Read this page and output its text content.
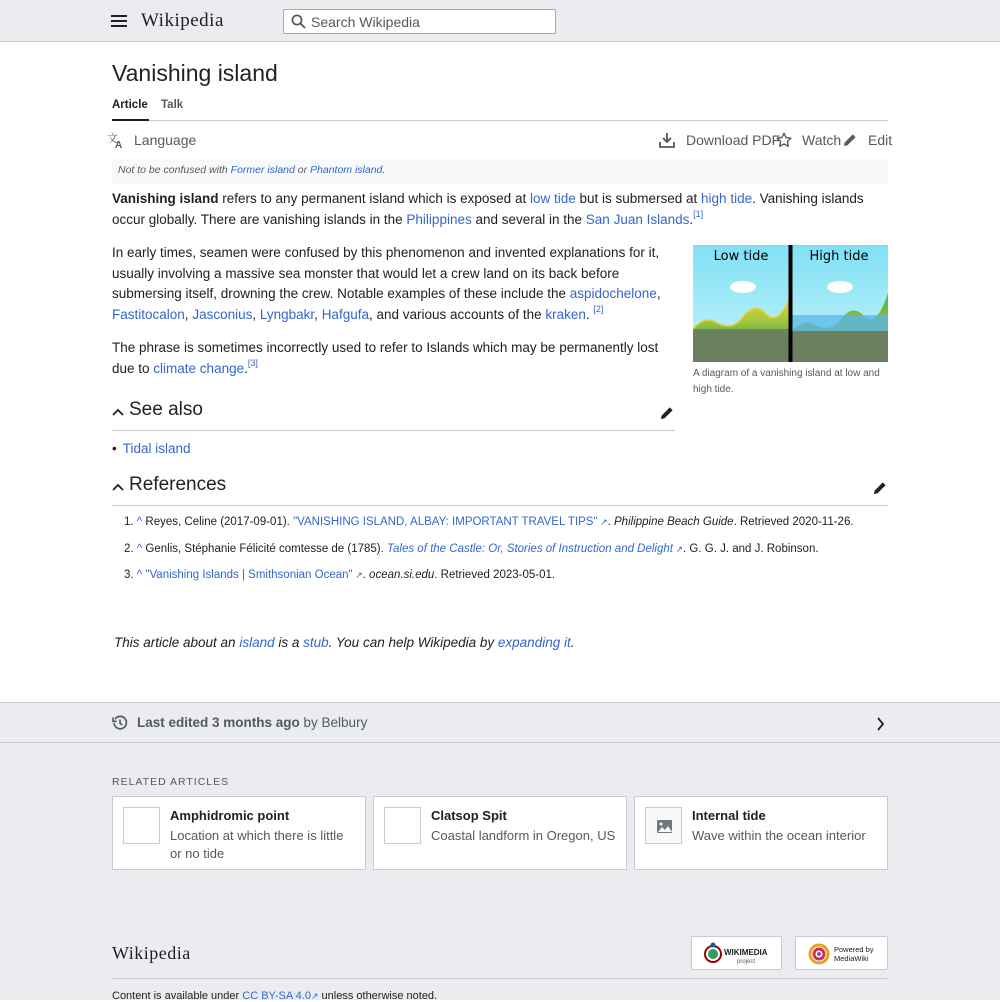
Wikipedia
Search Wikipedia
Vanishing island
Article Talk
文
A Language	Download PDF Watch Edit
Not to be confused with Former island or Phantom island.

Vanishing island refers to any permanent island which is exposed at low tide but is submersed at high tide. Vanishing islands occur globally. There are vanishing islands in the Philippines and several in the San Juan Islands.[1]

In early times, seamen were confused by this phenomenon and invented explanations for it, usually involving a massive sea monster that would let a crew land on its back before submersing itself, drowning the crew. Notable examples of these include the aspidochelone, Fastitocalon, Jasconius, Lyngbakr, Hafgufa, and various accounts of the kraken. [2]

The phrase is sometimes incorrectly used to refer to Islands which may be permanently lost due to climate change.[3]

Low tide	High tide
A diagram of a vanishing island at low and high tide.
See also
• Tidal island
References
1. ^ Reyes, Celine (2017-09-01). "VANISHING ISLAND, ALBAY: IMPORTANT TRAVEL TIPS" ↗. Philippine Beach Guide. Retrieved 2020-11-26.
2. ^ Genlis, Stéphanie Félicité comtesse de (1785). Tales of the Castle: Or, Stories of Instruction and Delight ↗. G. G. J. and J. Robinson.
3. ^ "Vanishing Islands | Smithsonian Ocean" ↗. ocean.si.edu. Retrieved 2023-05-01.
This article about an island is a stub. You can help Wikipedia by expanding it.
Last edited 3 months ago by Belbury
RELATED ARTICLES
Amphidromic point
Location at which there is little or no tide
Clatsop Spit
Coastal landform in Oregon, US
Internal tide
Wave within the ocean interior
Wikipedia	WIKIMEDIA
project
Powered by
MediaWiki
Content is available under CC BY-SA 4.0↗ unless otherwise noted.
